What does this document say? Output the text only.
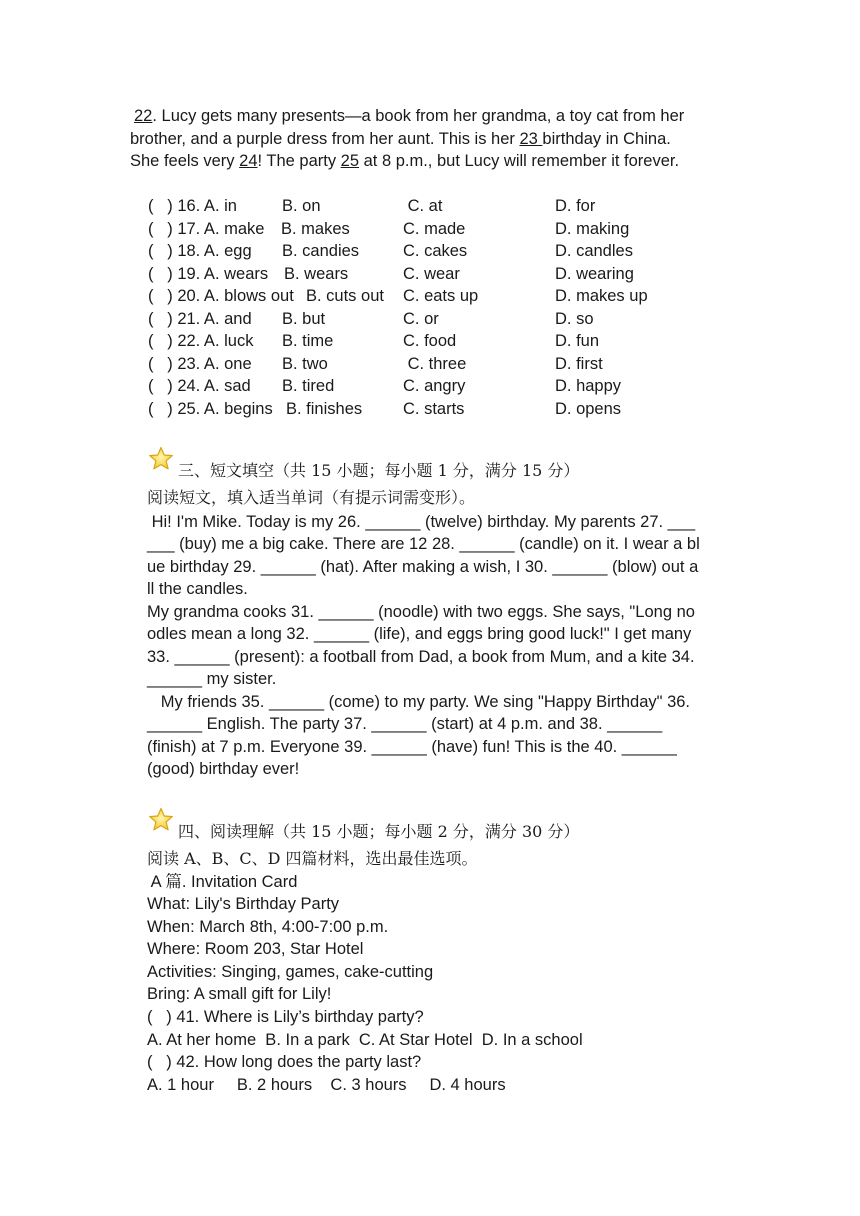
22. Lucy gets many presents—a book from her grandma, a toy cat from her
brother, and a purple dress from her aunt. This is her 23 birthday in China.
She feels very 24! The party 25 at 8 p.m., but Lucy will remember it forever.
(   ) 16. A. in	B. on	C. at	D. for
(   ) 17. A. make B. makes	C. made	D. making
(   ) 18. A. egg B. candies	C. cakes	D. candles
(   ) 19. A. wears B. wears	C. wear	D. wearing
(   ) 20. A. blows out B. cuts out C. eats up	D. makes up
(   ) 21. A. and B. but	C. or	D. so
(   ) 22. A. luck B. time	C. food	D. fun
(   ) 23. A. one B. two	C. three	D. first
(   ) 24. A. sad B. tired	C. angry	D. happy
(   ) 25. A. begins B. finishes C. starts	D. opens
三、短文填空（共 15 小题；每小题 1 分，满分 15 分）
阅读短文，填入适当单词（有提示词需变形）。
Hi! I'm Mike. Today is my 26. ______ (twelve) birthday. My parents 27. ___
___ (buy) me a big cake. There are 12 28. ______ (candle) on it. I wear a bl
ue birthday 29. ______ (hat). After making a wish, I 30. ______ (blow) out a
ll the candles.
My grandma cooks 31. ______ (noodle) with two eggs. She says, "Long no
odles mean a long 32. ______ (life), and eggs bring good luck!" I get many
33. ______ (present): a football from Dad, a book from Mum, and a kite 34.
______ my sister.
My friends 35. ______ (come) to my party. We sing "Happy Birthday" 36.
______ English. The party 37. ______ (start) at 4 p.m. and 38. ______
(finish) at 7 p.m. Everyone 39. ______ (have) fun! This is the 40. ______
(good) birthday ever!
四、阅读理解（共 15 小题；每小题 2 分，满分 30 分）
阅读 A、B、C、D 四篇材料，选出最佳选项。
A 篇. Invitation Card
What: Lily's Birthday Party
When: March 8th, 4:00-7:00 p.m.
Where: Room 203, Star Hotel
Activities: Singing, games, cake-cutting
Bring: A small gift for Lily!
(   ) 41. Where is Lily’s birthday party?
A. At her home  B. In a park  C. At Star Hotel  D. In a school
(   ) 42. How long does the party last?
A. 1 hour     B. 2 hours    C. 3 hours     D. 4 hours
